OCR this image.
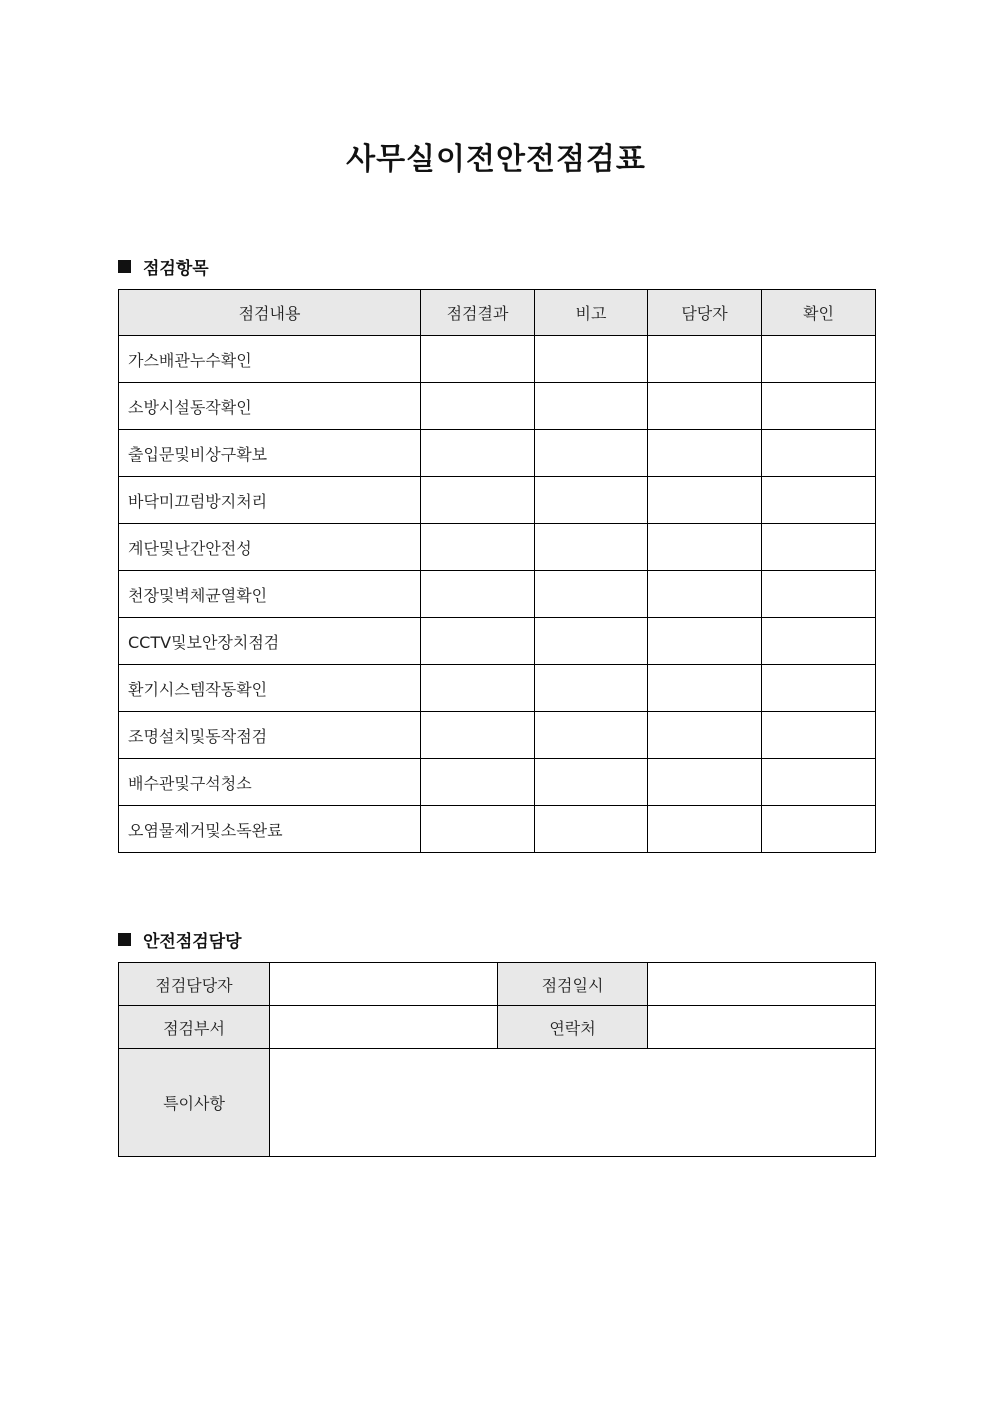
사무실이전안전점검표
점검항목
점검내용	점검결과	비고	담당자	확인
가스배관누수확인				
소방시설동작확인				
출입문및비상구확보				
바닥미끄럼방지처리				
계단및난간안전성				
천장및벽체균열확인				
CCTV및보안장치점검				
환기시스템작동확인				
조명설치및동작점검				
배수관및구석청소				
오염물제거및소독완료				
안전점검담당
점검담당자		점검일시	
점검부서		연락처	
특이사항			
